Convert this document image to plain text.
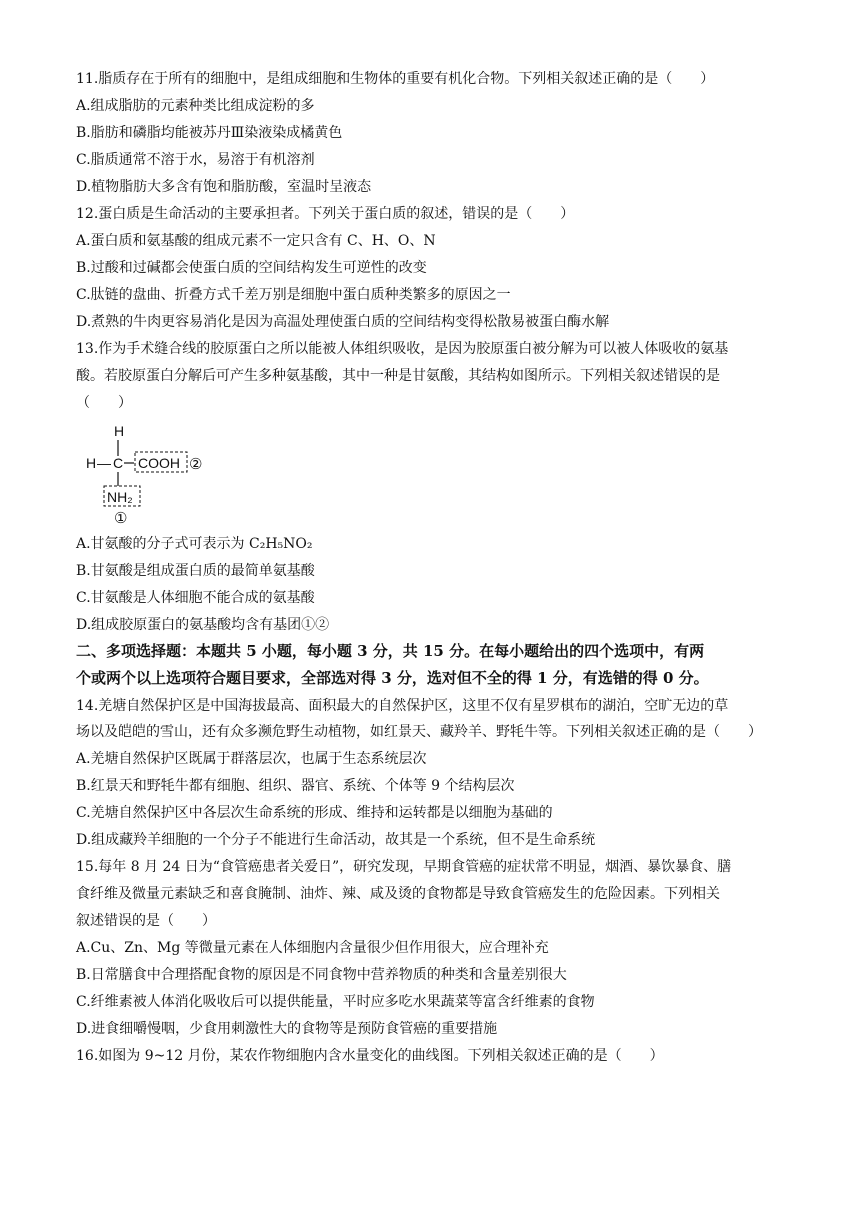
11.脂质存在于所有的细胞中，是组成细胞和生物体的重要有机化合物。下列相关叙述正确的是（　　）
A.组成脂肪的元素种类比组成淀粉的多
B.脂肪和磷脂均能被苏丹Ⅲ染液染成橘黄色
C.脂质通常不溶于水，易溶于有机溶剂
D.植物脂肪大多含有饱和脂肪酸，室温时呈液态
12.蛋白质是生命活动的主要承担者。下列关于蛋白质的叙述，错误的是（　　）
A.蛋白质和氨基酸的组成元素不一定只含有 C、H、O、N
B.过酸和过碱都会使蛋白质的空间结构发生可逆性的改变
C.肽链的盘曲、折叠方式千差万别是细胞中蛋白质种类繁多的原因之一
D.煮熟的牛肉更容易消化是因为高温处理使蛋白质的空间结构变得松散易被蛋白酶水解
13.作为手术缝合线的胶原蛋白之所以能被人体组织吸收，是因为胶原蛋白被分解为可以被人体吸收的氨基
酸。若胶原蛋白分解后可产生多种氨基酸，其中一种是甘氨酸，其结构如图所示。下列相关叙述错误的是
（　　）
H
H — C COOH ②
NH₂
①
A.甘氨酸的分子式可表示为 C₂H₅NO₂
B.甘氨酸是组成蛋白质的最简单氨基酸
C.甘氨酸是人体细胞不能合成的氨基酸
D.组成胶原蛋白的氨基酸均含有基团①②
二、多项选择题：本题共 5 小题，每小题 3 分，共 15 分。在每小题给出的四个选项中，有两
个或两个以上选项符合题目要求，全部选对得 3 分，选对但不全的得 1 分，有选错的得 0 分。
14.羌塘自然保护区是中国海拔最高、面积最大的自然保护区，这里不仅有星罗棋布的湖泊，空旷无边的草
场以及皑皑的雪山，还有众多濒危野生动植物，如红景天、藏羚羊、野牦牛等。下列相关叙述正确的是（　　）
A.羌塘自然保护区既属于群落层次，也属于生态系统层次
B.红景天和野牦牛都有细胞、组织、器官、系统、个体等 9 个结构层次
C.羌塘自然保护区中各层次生命系统的形成、维持和运转都是以细胞为基础的
D.组成藏羚羊细胞的一个分子不能进行生命活动，故其是一个系统，但不是生命系统
15.每年 8 月 24 日为“食管癌患者关爱日”，研究发现，早期食管癌的症状常不明显，烟酒、暴饮暴食、膳
食纤维及微量元素缺乏和喜食腌制、油炸、辣、咸及烫的食物都是导致食管癌发生的危险因素。下列相关
叙述错误的是（　　）
A.Cu、Zn、Mg 等微量元素在人体细胞内含量很少但作用很大，应合理补充
B.日常膳食中合理搭配食物的原因是不同食物中营养物质的种类和含量差别很大
C.纤维素被人体消化吸收后可以提供能量，平时应多吃水果蔬菜等富含纤维素的食物
D.进食细嚼慢咽，少食用刺激性大的食物等是预防食管癌的重要措施
16.如图为 9~12 月份，某农作物细胞内含水量变化的曲线图。下列相关叙述正确的是（　　）
